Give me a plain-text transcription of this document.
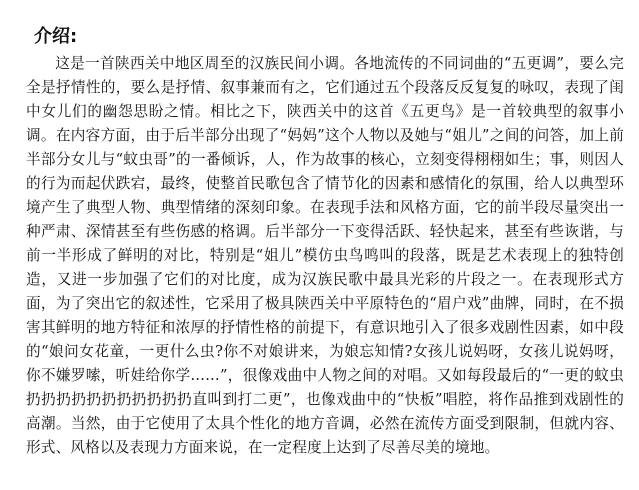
介绍:

这是一首陕西关中地区周至的汉族民间小调。各地流传的不同词曲的“五更调”，要么完全是抒情性的，要么是抒情、叙事兼而有之，它们通过五个段落反反复复的咏叹，表现了闺中女儿们的幽怨思盼之情。相比之下，陕西关中的这首《五更鸟》是一首较典型的叙事小调。在内容方面，由于后半部分出现了“妈妈”这个人物以及她与“姐儿”之间的问答，加上前半部分女儿与“蚊虫哥”的一番倾诉，人，作为故事的核心，立刻变得栩栩如生；事，则因人的行为而起伏跌宕，最终，使整首民歌包含了情节化的因素和感情化的氛围，给人以典型环境产生了典型人物、典型情绪的深刻印象。在表现手法和风格方面，它的前半段尽量突出一种严肃、深情甚至有些伤感的格调。后半部分一下变得活跃、轻快起来，甚至有些诙谐，与前一半形成了鲜明的对比，特别是“姐儿”模仿虫鸟鸣叫的段落，既是艺术表现上的独特创造，又进一步加强了它们的对比度，成为汉族民歌中最具光彩的片段之一。在表现形式方面，为了突出它的叙述性，它采用了极具陕西关中平原特色的“眉户戏”曲牌，同时，在不损害其鲜明的地方特征和浓厚的抒情性格的前提下，有意识地引入了很多戏剧性因素，如中段的“娘问女花童，一更什么虫?你不对娘讲来，为娘忘知情?女孩儿说妈呀，女孩儿说妈呀，你不嫌罗嗦，听娃给你学……”，很像戏曲中人物之间的对唱。又如每段最后的“一更的蚊虫扔扔扔扔扔扔扔扔扔扔扔直叫到打二更”，也像戏曲中的“快板”唱腔，将作品推到戏剧性的高潮。当然，由于它使用了太具个性化的地方音调，必然在流传方面受到限制，但就内容、形式、风格以及表现力方面来说，在一定程度上达到了尽善尽美的境地。
